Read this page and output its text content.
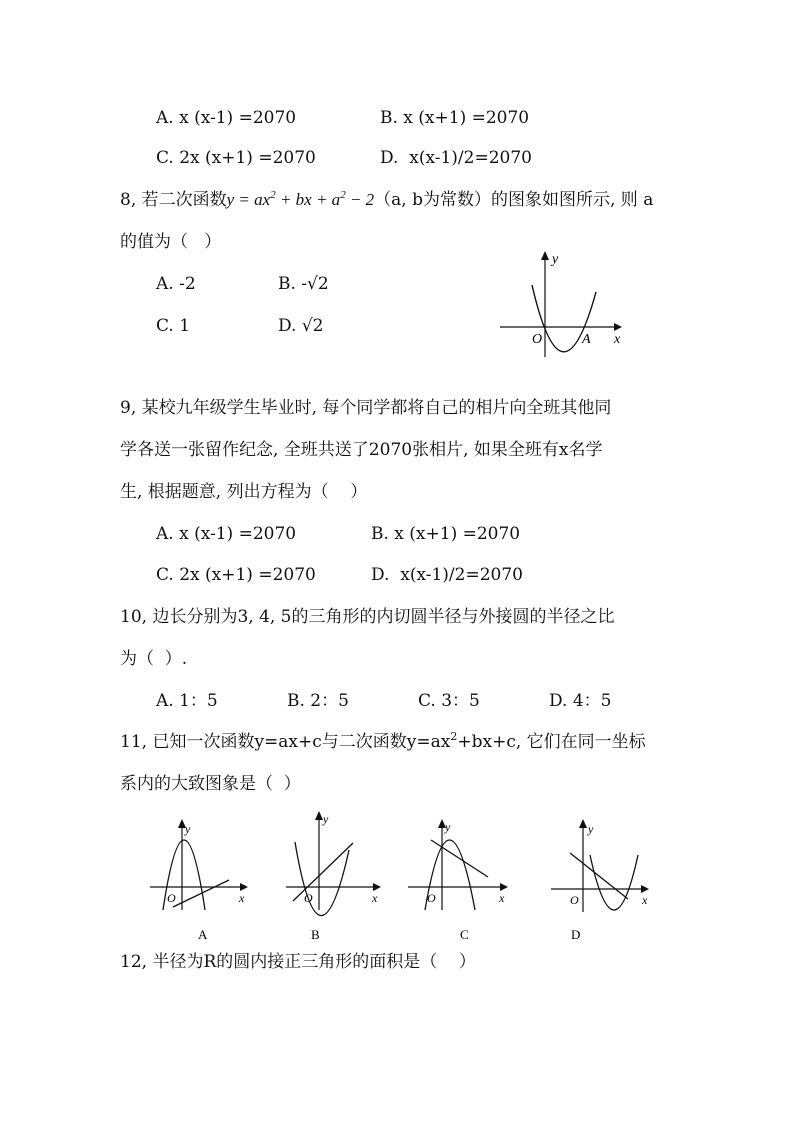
A. x (x-1) =2070	B. x (x+1) =2070
C. 2x (x+1) =2070	D.  x(x-1)/2=2070
8, 若二次函数$y = ax^2$ + bx + $a^2 - 2(a$, b为常数）的图象如图所示, 则 a
的值为（   ）
A. -2	B. -√2
C. 1	D. √2
y
O	A x
9, 某校九年级学生毕业时, 每个同学都将自己的相片向全班其他同
学各送一张留作纪念, 全班共送了2070张相片, 如果全班有x名学
生, 根据题意, 列出方程为（    ）
A. x (x-1) =2070	B. x (x+1) =2070
C. 2x (x+1) =2070	D.  x(x-1)/2=2070
10, 边长分别为3, 4, 5的三角形的内切圆半径与外接圆的半径之比
为（  ）.
A. 1：5	B. 2：5	C. 3：5	D. 4：5
11, 已知一次函数y=ax+c与二次函数$y=ax^2+bx+c$, 它们在同一坐标
系内的大致图象是（  ）
y
O	x
A
y
O	x
B
y
O	x
C
y
O	x
D
12, 半径为R的圆内接正三角形的面积是（    ）
